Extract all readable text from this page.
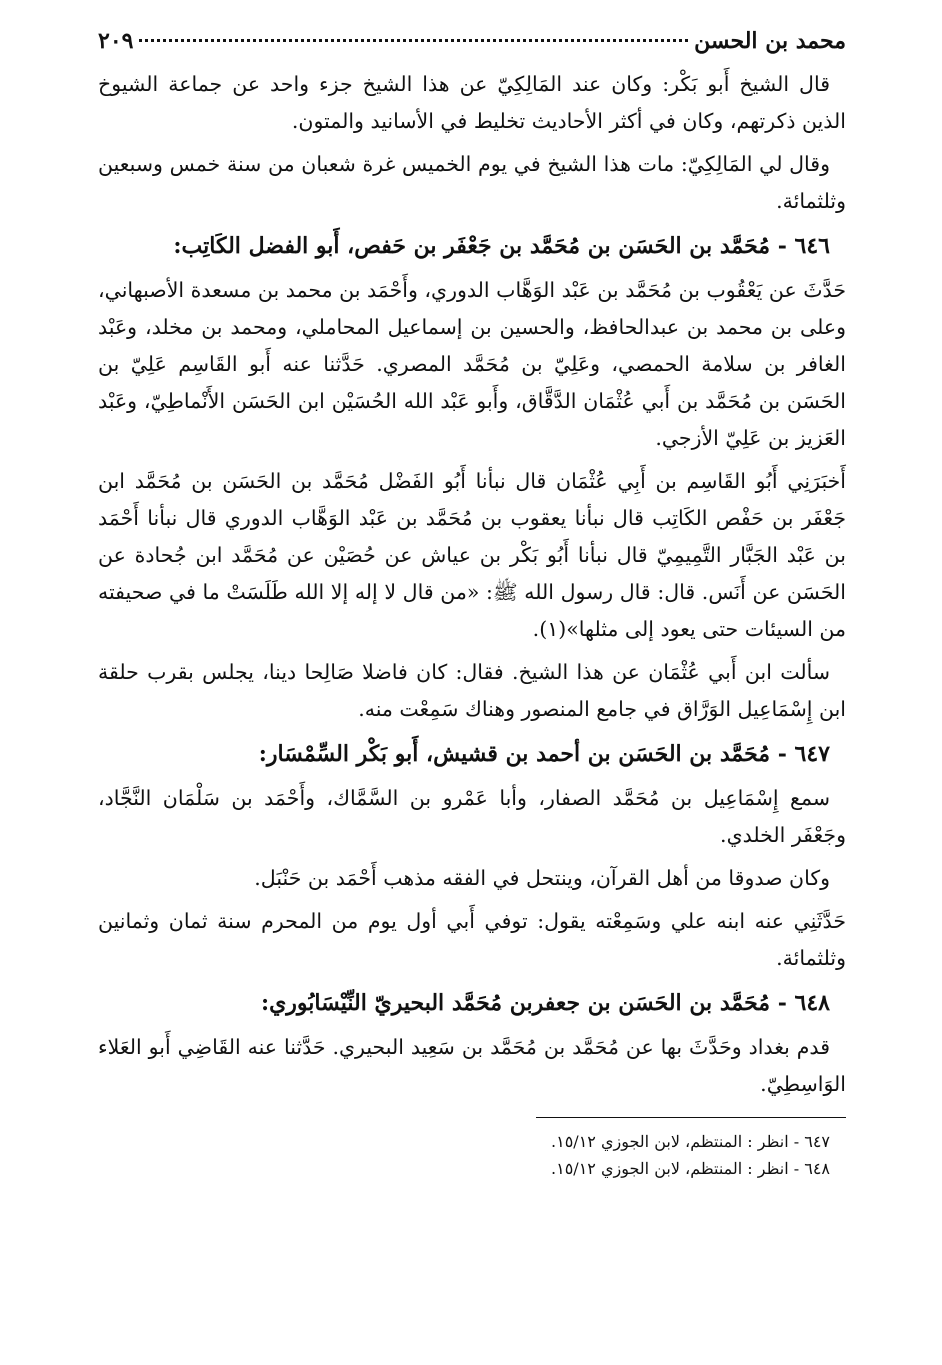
محمد بن الحسن
٢٠٩

قال الشيخ أَبو بَكْر: وكان عند المَالِكِيّ عن هذا الشيخ جزء واحد عن جماعة الشيوخ الذين ذكرتهم، وكان في أكثر الأحاديث تخليط في الأسانيد والمتون.

وقال لي المَالِكِيّ: مات هذا الشيخ في يوم الخميس غرة شعبان من سنة خمس وسبعين وثلثمائة.

٦٤٦ - مُحَمَّد بن الحَسَن بن مُحَمَّد بن جَعْفَر بن حَفص، أَبو الفضل الكَاتِب:

حَدَّثَ عن يَعْقُوب بن مُحَمَّد بن عَبْد الوَهَّاب الدوري، وأَحْمَد بن محمد بن مسعدة الأصبهاني، وعلى بن محمد بن عبدالحافظ، والحسين بن إسماعيل المحاملي، ومحمد بن مخلد، وعَبْد الغافر بن سلامة الحمصي، وعَلِيّ بن مُحَمَّد المصري. حَدَّثنا عنه أَبو القَاسِم عَلِيّ بن الحَسَن بن مُحَمَّد بن أَبي عُثْمَان الدَّقَّاق، وأَبو عَبْد الله الحُسَيْن ابن الحَسَن الأَنْماطِيّ، وعَبْد العَزيز بن عَلِيّ الأزجي.

أَخبَرَنِي أَبُو القَاسِم بن أَبِي عُثْمَان قال نبأنا أَبُو الفَضْل مُحَمَّد بن الحَسَن بن مُحَمَّد ابن جَعْفَر بن حَفْص الكَاتِب قال نبأنا يعقوب بن مُحَمَّد بن عَبْد الوَهَّاب الدوري قال نبأنا أَحْمَد بن عَبْد الجَبَّار التَّمِيمِيّ قال نبأنا أَبُو بَكْر بن عياش عن حُصَيْن عن مُحَمَّد ابن جُحادة عن الحَسَن عن أَنَس. قال: قال رسول الله ﷺ: «من قال لا إله إلا الله طَلَسَتْ ما في صحيفته من السيئات حتى يعود إلى مثلها»(١).

سألت ابن أَبي عُثْمَان عن هذا الشيخ. فقال: كان فاضلا صَالِحا دينا، يجلس بقرب حلقة ابن إِسْمَاعِيل الوَرَّاق في جامع المنصور وهناك سَمِعْت منه.

٦٤٧ - مُحَمَّد بن الحَسَن بن أحمد بن قشيش، أَبو بَكْر السِّمْسَار:

سمع إِسْمَاعِيل بن مُحَمَّد الصفار، وأبا عَمْرو بن السَّمَّاك، وأَحْمَد بن سَلْمَان النَّجَّاد، وجَعْفَر الخلدي.

وكان صدوقا من أهل القرآن، وينتحل في الفقه مذهب أَحْمَد بن حَنْبَل.

حَدَّثَنِي عنه ابنه علي وسَمِعْته يقول: توفي أَبي أول يوم من المحرم سنة ثمان وثمانين وثلثمائة.

٦٤٨ - مُحَمَّد بن الحَسَن بن جعفربن مُحَمَّد البحيريّ النِّيْسَابُوري:

قدم بغداد وحَدَّثَ بها عن مُحَمَّد بن مُحَمَّد بن سَعِيد البحيري. حَدَّثنا عنه القَاضِي أَبو العَلاء الوَاسِطِيّ.

٦٤٧ - انظر : المنتظم، لابن الجوزي ١٥/١٢.

٦٤٨ - انظر : المنتظم، لابن الجوزي ١٥/١٢.
